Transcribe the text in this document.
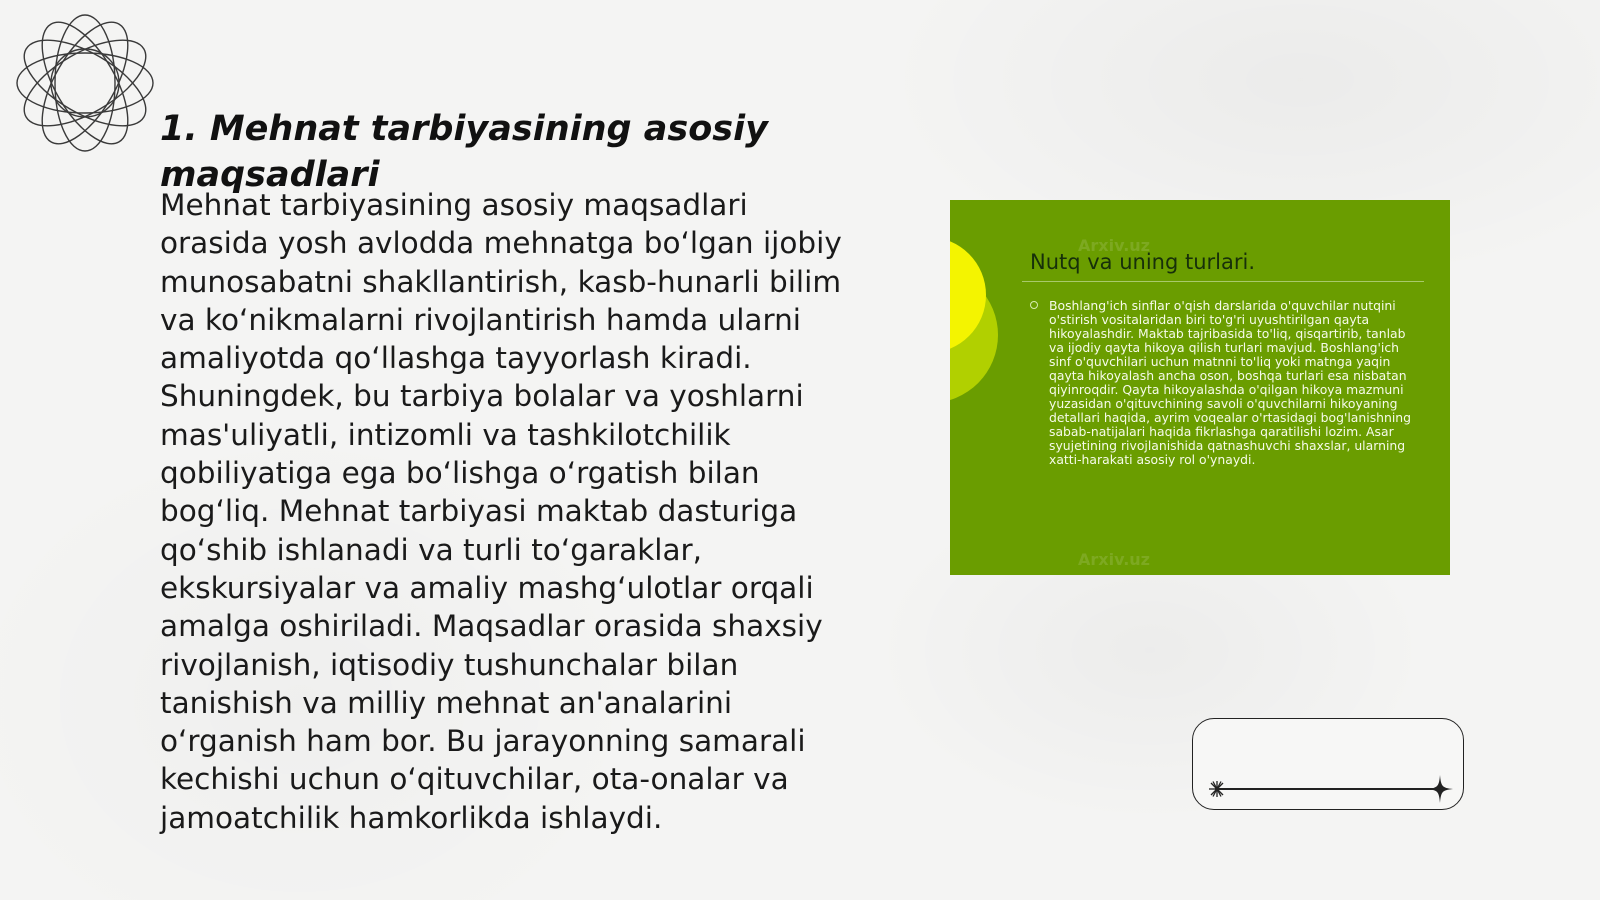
1. Mehnat tarbiyasining asosiy maqsadlari

Mehnat tarbiyasining asosiy maqsadlari orasida yosh avlodda mehnatga boʻlgan ijobiy munosabatni shakllantirish, kasb-hunarli bilim va koʻnikmalarni rivojlantirish hamda ularni amaliyotda qoʻllashga tayyorlash kiradi. Shuningdek, bu tarbiya bolalar va yoshlarni mas'uliyatli, intizomli va tashkilotchilik qobiliyatiga ega boʻlishga oʻrgatish bilan bogʻliq. Mehnat tarbiyasi maktab dasturiga qoʻshib ishlanadi va turli toʻgaraklar, ekskursiyalar va amaliy mashgʻulotlar orqali amalga oshiriladi. Maqsadlar orasida shaxsiy rivojlanish, iqtisodiy tushunchalar bilan tanishish va milliy mehnat an'analarini oʻrganish ham bor. Bu jarayonning samarali kechishi uchun oʻqituvchilar, ota-onalar va jamoatchilik hamkorlikda ishlaydi.

Arxiv.uz
Arxiv.uz
Nutq va uning turlari.

Boshlang'ich sinflar o'qish darslarida o'quvchilar nutqini o'stirish vositalaridan biri to'g'ri uyushtirilgan qayta hikoyalashdir. Maktab tajribasida to'liq, qisqartirib, tanlab va ijodiy qayta hikoya qilish turlari mavjud. Boshlang'ich sinf o'quvchilari uchun matnni to'liq yoki matnga yaqin qayta hikoyalash ancha oson, boshqa turlari esa nisbatan qiyinroqdir. Qayta hikoyalashda o'qilgan hikoya mazmuni yuzasidan o'qituvchining savoli o'quvchilarni hikoyaning detallari haqida, ayrim voqealar o'rtasidagi bog'lanishning sabab-natijalari haqida fikrlashga qaratilishi lozim. Asar syujetining rivojlanishida qatnashuvchi shaxslar, ularning xatti-harakati asosiy rol o'ynaydi.
